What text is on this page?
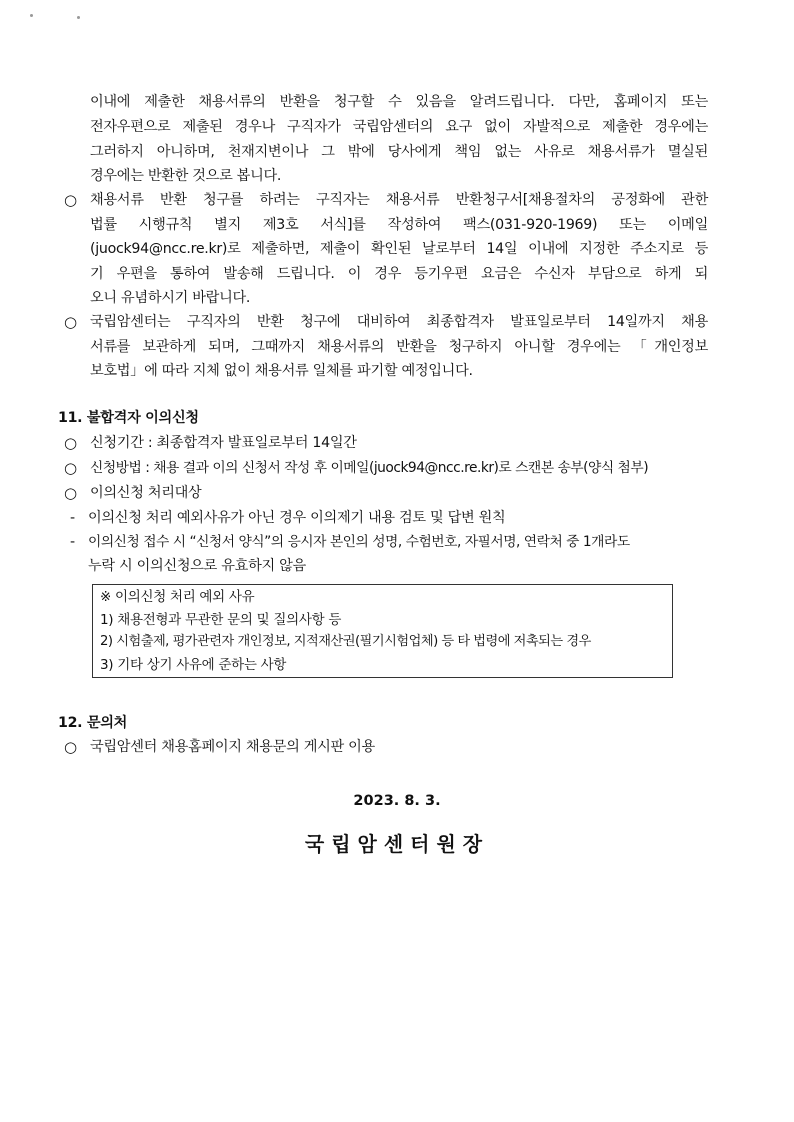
이내에 제출한 채용서류의 반환을 청구할 수 있음을 알려드립니다. 다만, 홈페이지 또는
전자우편으로 제출된 경우나 구직자가 국립암센터의 요구 없이 자발적으로 제출한 경우에는
그러하지 아니하며, 천재지변이나 그 밖에 당사에게 책임 없는 사유로 채용서류가 멸실된
경우에는 반환한 것으로 봅니다.
○ 채용서류 반환 청구를 하려는 구직자는 채용서류 반환청구서[채용절차의 공정화에 관한
법률 시행규칙 별지 제3호 서식]를 작성하여 팩스(031-920-1969) 또는 이메일
(juock94@ncc.re.kr)로 제출하면, 제출이 확인된 날로부터 14일 이내에 지정한 주소지로 등
기 우편을 통하여 발송해 드립니다. 이 경우 등기우편 요금은 수신자 부담으로 하게 되
오니 유념하시기 바랍니다.
○ 국립암센터는 구직자의 반환 청구에 대비하여 최종합격자 발표일로부터 14일까지 채용
서류를 보관하게 되며, 그때까지 채용서류의 반환을 청구하지 아니할 경우에는 「개인정보
보호법」에 따라 지체 없이 채용서류 일체를 파기할 예정입니다.
11. 불합격자 이의신청
○ 신청기간 : 최종합격자 발표일로부터 14일간
○ 신청방법 : 채용 결과 이의 신청서 작성 후 이메일(juock94@ncc.re.kr)로 스캔본 송부(양식 첨부)
○ 이의신청 처리대상
- 이의신청 처리 예외사유가 아닌 경우 이의제기 내용 검토 및 답변 원칙
- 이의신청 접수 시 “신청서 양식”의 응시자 본인의 성명, 수험번호, 자필서명, 연락처 중 1개라도
누락 시 이의신청으로 유효하지 않음
※ 이의신청 처리 예외 사유
1) 채용전형과 무관한 문의 및 질의사항 등
2) 시험출제, 평가관련자 개인정보, 지적재산권(필기시험업체) 등 타 법령에 저촉되는 경우
3) 기타 상기 사유에 준하는 사항
12. 문의처
○ 국립암센터 채용홈페이지 채용문의 게시판 이용
2023. 8. 3.
국립암센터원장
